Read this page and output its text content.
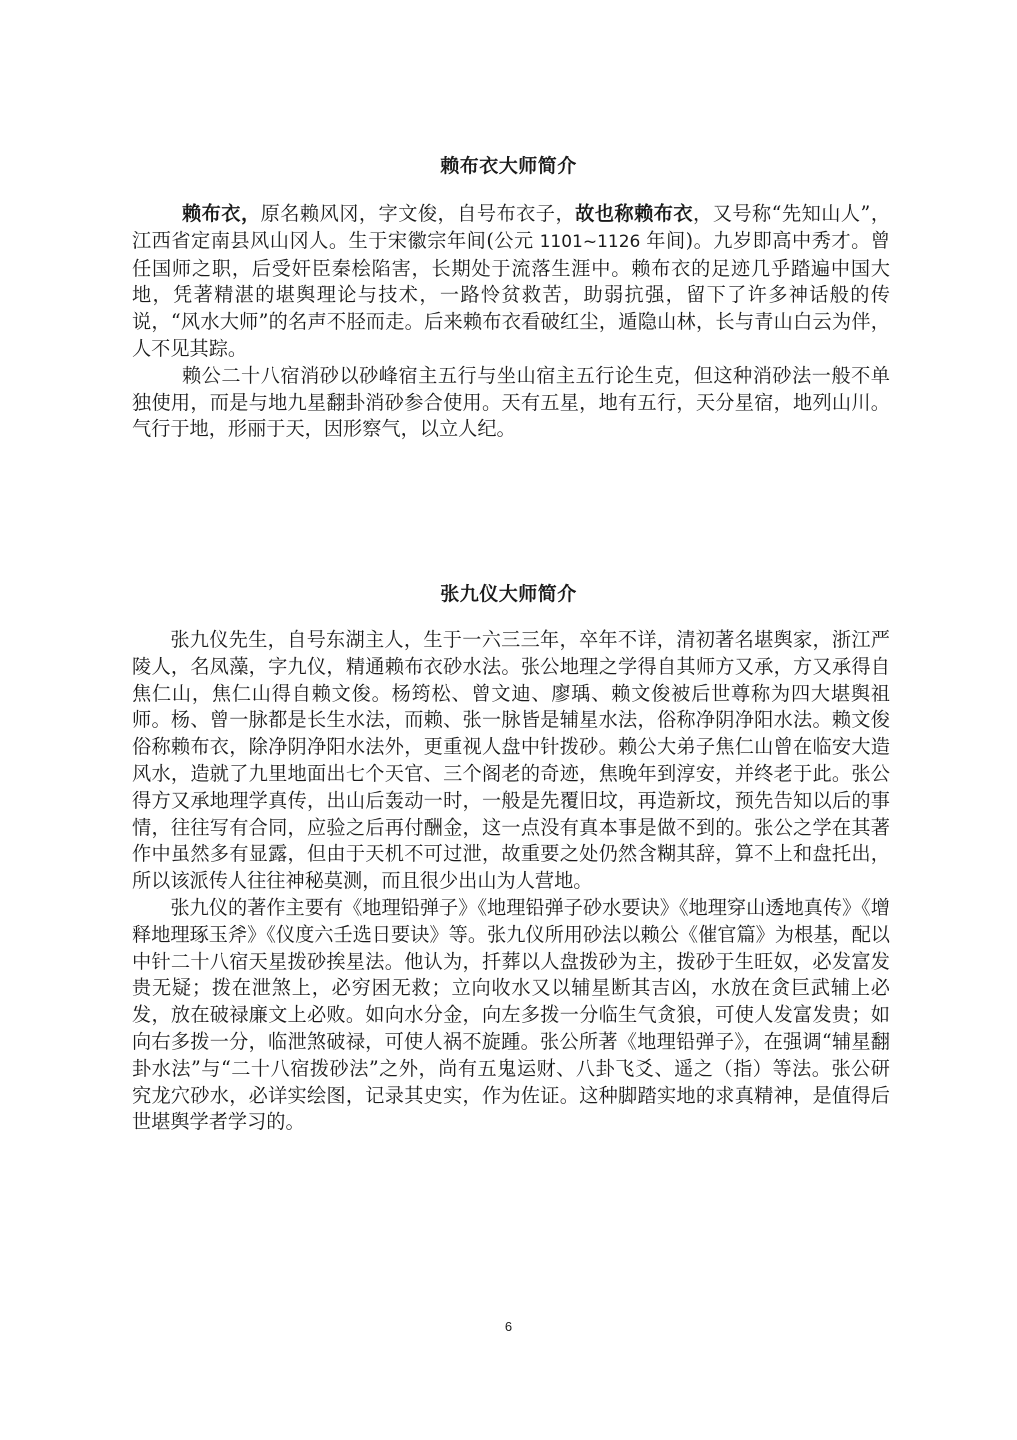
赖布衣大师简介

赖布衣，原名赖风冈，字文俊，自号布衣子，故也称赖布衣，又号称“先知山人”，江西省定南县风山冈人。生于宋徽宗年间(公元 1101~1126 年间)。九岁即高中秀才。曾任国师之职，后受奸臣秦桧陷害，长期处于流落生涯中。赖布衣的足迹几乎踏遍中国大地，凭著精湛的堪舆理论与技术，一路怜贫救苦，助弱抗强，留下了许多神话般的传说，“风水大师”的名声不胫而走。后来赖布衣看破红尘，遁隐山林，长与青山白云为伴，人不见其踪。

赖公二十八宿消砂以砂峰宿主五行与坐山宿主五行论生克，但这种消砂法一般不单独使用，而是与地九星翻卦消砂参合使用。天有五星，地有五行，天分星宿，地列山川。气行于地，形丽于天，因形察气，以立人纪。

张九仪大师简介

张九仪先生，自号东湖主人，生于一六三三年，卒年不详，清初著名堪舆家，浙江严陵人，名凤藻，字九仪，精通赖布衣砂水法。张公地理之学得自其师方又承，方又承得自焦仁山，焦仁山得自赖文俊。杨筠松、曾文迪、廖瑀、赖文俊被后世尊称为四大堪舆祖师。杨、曾一脉都是长生水法，而赖、张一脉皆是辅星水法，俗称净阴净阳水法。赖文俊俗称赖布衣，除净阴净阳水法外，更重视人盘中针拨砂。赖公大弟子焦仁山曾在临安大造风水，造就了九里地面出七个天官、三个阁老的奇迹，焦晚年到淳安，并终老于此。张公得方又承地理学真传，出山后轰动一时，一般是先覆旧坟，再造新坟，预先告知以后的事情，往往写有合同，应验之后再付酬金，这一点没有真本事是做不到的。张公之学在其著作中虽然多有显露，但由于天机不可过泄，故重要之处仍然含糊其辞，算不上和盘托出，所以该派传人往往神秘莫测，而且很少出山为人营地。

张九仪的著作主要有《地理铅弹子》《地理铅弹子砂水要诀》《地理穿山透地真传》《增释地理琢玉斧》《仪度六壬选日要诀》等。张九仪所用砂法以赖公《催官篇》为根基，配以中针二十八宿天星拨砂挨星法。他认为，扦葬以人盘拨砂为主，拨砂于生旺奴，必发富发贵无疑；拨在泄煞上，必穷困无救；立向收水又以辅星断其吉凶，水放在贪巨武辅上必发，放在破禄廉文上必败。如向水分金，向左多拨一分临生气贪狼，可使人发富发贵；如向右多拨一分，临泄煞破禄，可使人祸不旋踵。张公所著《地理铅弹子》，在强调“辅星翻卦水法”与“二十八宿拨砂法”之外，尚有五鬼运财、八卦飞爻、遥之（指）等法。张公研究龙穴砂水，必详实绘图，记录其史实，作为佐证。这种脚踏实地的求真精神，是值得后世堪舆学者学习的。

6
